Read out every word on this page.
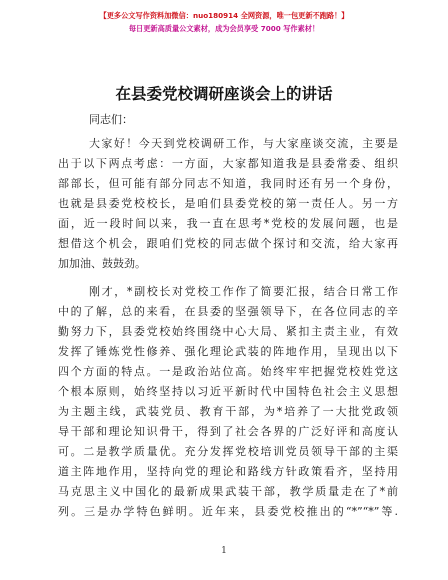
【更多公文写作资料加微信：nuo180914 全网资源，唯一包更新不跑路！】
每日更新高质量公文素材，成为会员享受 7000 写作素材！
在县委党校调研座谈会上的讲话
同志们：
大家好！今天到党校调研工作，与大家座谈交流，主要是
出于以下两点考虑：一方面，大家都知道我是县委常委、组织
部部长，但可能有部分同志不知道，我同时还有另一个身份，
也就是县委党校校长，是咱们县委党校的第一责任人。另一方
面，近一段时间以来，我一直在思考*党校的发展问题，也是
想借这个机会，跟咱们党校的同志做个探讨和交流，给大家再
加加油、鼓鼓劲。
刚才，*副校长对党校工作作了简要汇报，结合日常工作
中的了解，总的来看，在县委的坚强领导下，在各位同志的辛
勤努力下，县委党校始终围绕中心大局、紧扣主责主业，有效
发挥了锤炼党性修养、强化理论武装的阵地作用，呈现出以下
四个方面的特点。一是政治站位高。始终牢牢把握党校姓党这
个根本原则，始终坚持以习近平新时代中国特色社会主义思想
为主题主线，武装党员、教育干部，为*培养了一大批党政领
导干部和理论知识骨干，得到了社会各界的广泛好评和高度认
可。二是教学质量优。充分发挥党校培训党员领导干部的主渠
道主阵地作用，坚持向党的理论和路线方针政策看齐，坚持用
马克思主义中国化的最新成果武装干部，教学质量走在了*前
列。三是办学特色鲜明。近年来，县委党校推出的“*”“*”等.
1
